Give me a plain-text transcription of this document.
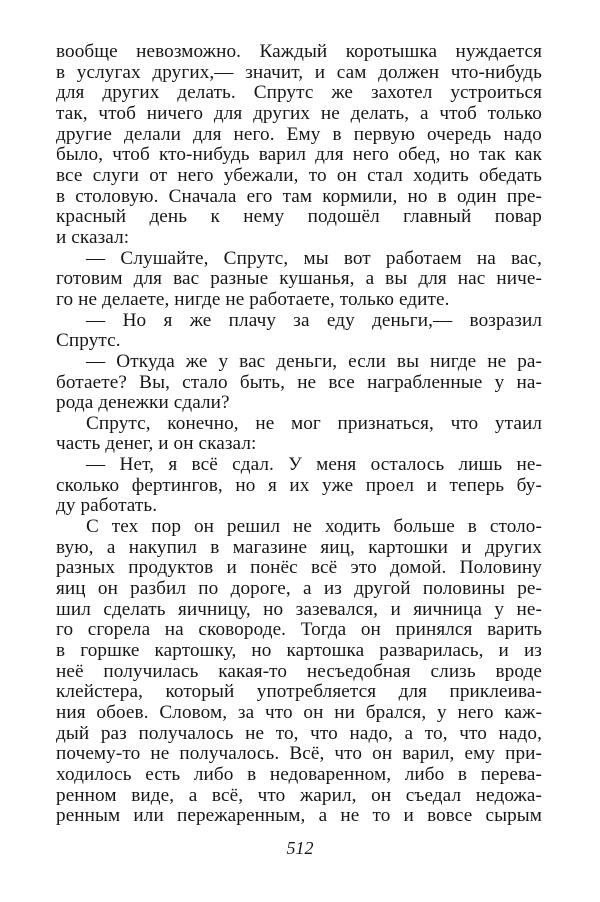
вообще невозможно. Каждый коротышка нуждается
в услугах других,— значит, и сам должен что-нибудь
для других делать. Спрутс же захотел устроиться
так, чтоб ничего для других не делать, а чтоб только
другие делали для него. Ему в первую очередь надо
было, чтоб кто-нибудь варил для него обед, но так как
все слуги от него убежали, то он стал ходить обедать
в столовую. Сначала его там кормили, но в один пре-
красный день к нему подошёл главный повар
и сказал:
— Слушайте, Спрутс, мы вот работаем на вас,
готовим для вас разные кушанья, а вы для нас ниче-
го не делаете, нигде не работаете, только едите.
— Но я же плачу за еду деньги,— возразил
Спрутс.
— Откуда же у вас деньги, если вы нигде не ра-
ботаете? Вы, стало быть, не все награбленные у на-
рода денежки сдали?
Спрутс, конечно, не мог признаться, что утаил
часть денег, и он сказал:
— Нет, я всё сдал. У меня осталось лишь не-
сколько фертингов, но я их уже проел и теперь бу-
ду работать.
С тех пор он решил не ходить больше в столо-
вую, а накупил в магазине яиц, картошки и других
разных продуктов и понёс всё это домой. Половину
яиц он разбил по дороге, а из другой половины ре-
шил сделать яичницу, но зазевался, и яичница у не-
го сгорела на сковороде. Тогда он принялся варить
в горшке картошку, но картошка разварилась, и из
неё получилась какая-то несъедобная слизь вроде
клейстера, который употребляется для приклеива-
ния обоев. Словом, за что он ни брался, у него каж-
дый раз получалось не то, что надо, а то, что надо,
почему-то не получалось. Всё, что он варил, ему при-
ходилось есть либо в недоваренном, либо в перева-
ренном виде, а всё, что жарил, он съедал недожа-
ренным или пережаренным, а не то и вовсе сырым
512
